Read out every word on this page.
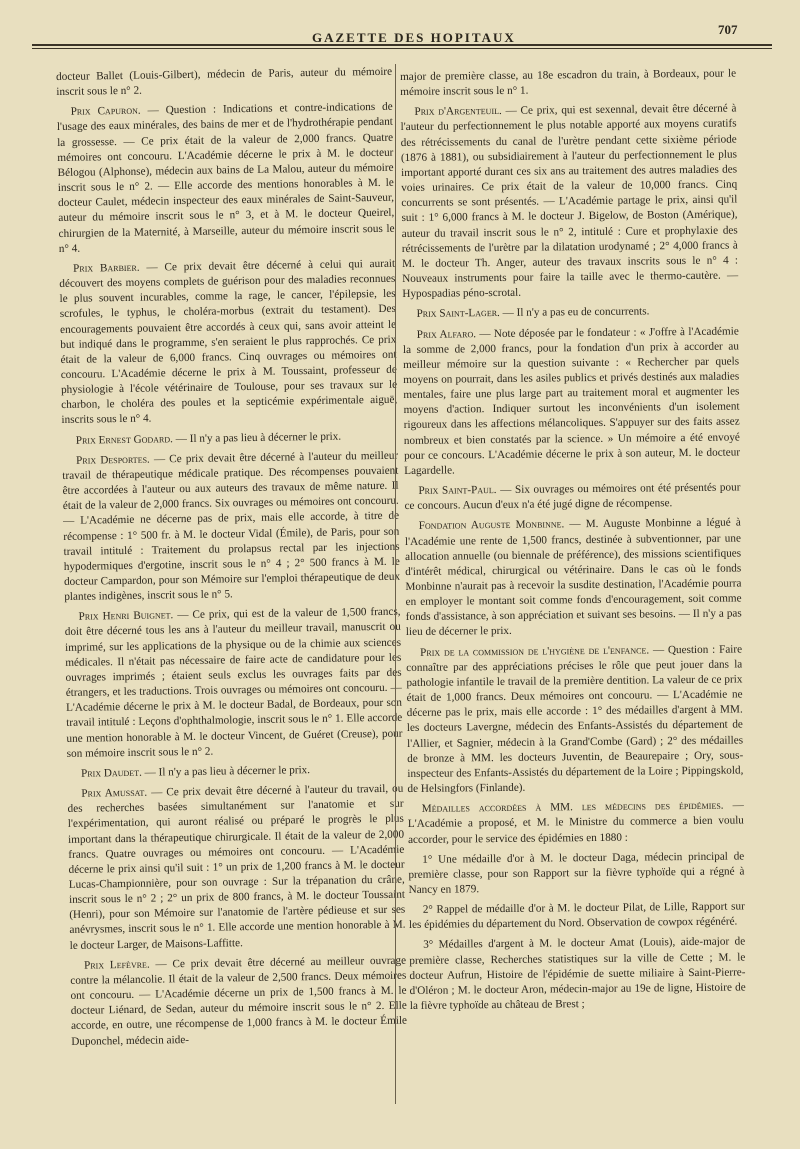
GAZETTE DES HOPITAUX
707

docteur Ballet (Louis-Gilbert), médecin de Paris, auteur du mémoire inscrit sous le n° 2.

Prix Capuron. — Question : Indications et contre-indications de l'usage des eaux minérales, des bains de mer et de l'hydrothérapie pendant la grossesse. — Ce prix était de la valeur de 2,000 francs. Quatre mémoires ont concouru. L'Académie décerne le prix à M. le docteur Bélogou (Alphonse), médecin aux bains de La Malou, auteur du mémoire inscrit sous le n° 2. — Elle accorde des mentions honorables à M. le docteur Caulet, médecin inspecteur des eaux minérales de Saint-Sauveur, auteur du mémoire inscrit sous le n° 3, et à M. le docteur Queirel, chirurgien de la Maternité, à Marseille, auteur du mémoire inscrit sous le n° 4.

Prix Barbier. — Ce prix devait être décerné à celui qui aurait découvert des moyens complets de guérison pour des maladies reconnues le plus souvent incurables, comme la rage, le cancer, l'épilepsie, les scrofules, le typhus, le choléra-morbus (extrait du testament). Des encouragements pouvaient être accordés à ceux qui, sans avoir atteint le but indiqué dans le programme, s'en seraient le plus rapprochés. Ce prix était de la valeur de 6,000 francs. Cinq ouvrages ou mémoires ont concouru. L'Académie décerne le prix à M. Toussaint, professeur de physiologie à l'école vétérinaire de Toulouse, pour ses travaux sur le charbon, le choléra des poules et la septicémie expérimentale aiguë, inscrits sous le n° 4.

Prix Ernest Godard. — Il n'y a pas lieu à décerner le prix.

Prix Desportes. — Ce prix devait être décerné à l'auteur du meilleur travail de thérapeutique médicale pratique. Des récompenses pouvaient être accordées à l'auteur ou aux auteurs des travaux de même nature. Il était de la valeur de 2,000 francs. Six ouvrages ou mémoires ont concouru. — L'Académie ne décerne pas de prix, mais elle accorde, à titre de récompense : 1° 500 fr. à M. le docteur Vidal (Émile), de Paris, pour son travail intitulé : Traitement du prolapsus rectal par les injections hypodermiques d'ergotine, inscrit sous le n° 4 ; 2° 500 francs à M. le docteur Campardon, pour son Mémoire sur l'emploi thérapeutique de deux plantes indigènes, inscrit sous le n° 5.

Prix Henri Buignet. — Ce prix, qui est de la valeur de 1,500 francs, doit être décerné tous les ans à l'auteur du meilleur travail, manuscrit ou imprimé, sur les applications de la physique ou de la chimie aux sciences médicales. Il n'était pas nécessaire de faire acte de candidature pour les ouvrages imprimés ; étaient seuls exclus les ouvrages faits par des étrangers, et les traductions. Trois ouvrages ou mémoires ont concouru. — L'Académie décerne le prix à M. le docteur Badal, de Bordeaux, pour son travail intitulé : Leçons d'ophthalmologie, inscrit sous le n° 1. Elle accorde une mention honorable à M. le docteur Vincent, de Guéret (Creuse), pour son mémoire inscrit sous le n° 2.

Prix Daudet. — Il n'y a pas lieu à décerner le prix.

Prix Amussat. — Ce prix devait être décerné à l'auteur du travail, ou des recherches basées simultanément sur l'anatomie et sur l'expérimentation, qui auront réalisé ou préparé le progrès le plus important dans la thérapeutique chirurgicale. Il était de la valeur de 2,000 francs. Quatre ouvrages ou mémoires ont concouru. — L'Académie décerne le prix ainsi qu'il suit : 1° un prix de 1,200 francs à M. le docteur Lucas-Championnière, pour son ouvrage : Sur la trépanation du crâne, inscrit sous le n° 2 ; 2° un prix de 800 francs, à M. le docteur Toussaint (Henri), pour son Mémoire sur l'anatomie de l'artère pédieuse et sur ses anévrysmes, inscrit sous le n° 1. Elle accorde une mention honorable à M. le docteur Larger, de Maisons-Laffitte.

Prix Lefèvre. — Ce prix devait être décerné au meilleur ouvrage contre la mélancolie. Il était de la valeur de 2,500 francs. Deux mémoires ont concouru. — L'Académie décerne un prix de 1,500 francs à M. le docteur Liénard, de Sedan, auteur du mémoire inscrit sous le n° 2. Elle accorde, en outre, une récompense de 1,000 francs à M. le docteur Émile Duponchel, médecin aide-

major de première classe, au 18e escadron du train, à Bordeaux, pour le mémoire inscrit sous le n° 1.

Prix d'Argenteuil. — Ce prix, qui est sexennal, devait être décerné à l'auteur du perfectionnement le plus notable apporté aux moyens curatifs des rétrécissements du canal de l'urètre pendant cette sixième période (1876 à 1881), ou subsidiairement à l'auteur du perfectionnement le plus important apporté durant ces six ans au traitement des autres maladies des voies urinaires. Ce prix était de la valeur de 10,000 francs. Cinq concurrents se sont présentés. — L'Académie partage le prix, ainsi qu'il suit : 1° 6,000 francs à M. le docteur J. Bigelow, de Boston (Amérique), auteur du travail inscrit sous le n° 2, intitulé : Cure et prophylaxie des rétrécissements de l'urètre par la dilatation urodynamé ; 2° 4,000 francs à M. le docteur Th. Anger, auteur des travaux inscrits sous le n° 4 : Nouveaux instruments pour faire la taille avec le thermo-cautère. — Hypospadias péno-scrotal.

Prix Saint-Lager. — Il n'y a pas eu de concurrents.

Prix Alfaro. — Note déposée par le fondateur : « J'offre à l'Académie la somme de 2,000 francs, pour la fondation d'un prix à accorder au meilleur mémoire sur la question suivante : « Rechercher par quels moyens on pourrait, dans les asiles publics et privés destinés aux maladies mentales, faire une plus large part au traitement moral et augmenter les moyens d'action. Indiquer surtout les inconvénients d'un isolement rigoureux dans les affections mélancoliques. S'appuyer sur des faits assez nombreux et bien constatés par la science. » Un mémoire a été envoyé pour ce concours. L'Académie décerne le prix à son auteur, M. le docteur Lagardelle.

Prix Saint-Paul. — Six ouvrages ou mémoires ont été présentés pour ce concours. Aucun d'eux n'a été jugé digne de récompense.

Fondation Auguste Monbinne. — M. Auguste Monbinne a légué à l'Académie une rente de 1,500 francs, destinée à subventionner, par une allocation annuelle (ou biennale de préférence), des missions scientifiques d'intérêt médical, chirurgical ou vétérinaire. Dans le cas où le fonds Monbinne n'aurait pas à recevoir la susdite destination, l'Académie pourra en employer le montant soit comme fonds d'encouragement, soit comme fonds d'assistance, à son appréciation et suivant ses besoins. — Il n'y a pas lieu de décerner le prix.

Prix de la commission de l'hygiène de l'enfance. — Question : Faire connaître par des appréciations précises le rôle que peut jouer dans la pathologie infantile le travail de la première dentition. La valeur de ce prix était de 1,000 francs. Deux mémoires ont concouru. — L'Académie ne décerne pas le prix, mais elle accorde : 1° des médailles d'argent à MM. les docteurs Lavergne, médecin des Enfants-Assistés du département de l'Allier, et Sagnier, médecin à la Grand'Combe (Gard) ; 2° des médailles de bronze à MM. les docteurs Juventin, de Beaurepaire ; Ory, sous-inspecteur des Enfants-Assistés du département de la Loire ; Pippingskold, de Helsingfors (Finlande).

Médailles accordées à MM. les médecins des épidémies. — L'Académie a proposé, et M. le Ministre du commerce a bien voulu accorder, pour le service des épidémies en 1880 :

1° Une médaille d'or à M. le docteur Daga, médecin principal de première classe, pour son Rapport sur la fièvre typhoïde qui a régné à Nancy en 1879.

2° Rappel de médaille d'or à M. le docteur Pilat, de Lille, Rapport sur les épidémies du département du Nord. Observation de cowpox régénéré.

3° Médailles d'argent à M. le docteur Amat (Louis), aide-major de première classe, Recherches statistiques sur la ville de Cette ; M. le docteur Aufrun, Histoire de l'épidémie de suette miliaire à Saint-Pierre-d'Oléron ; M. le docteur Aron, médecin-major au 19e de ligne, Histoire de la fièvre typhoïde au château de Brest ;
